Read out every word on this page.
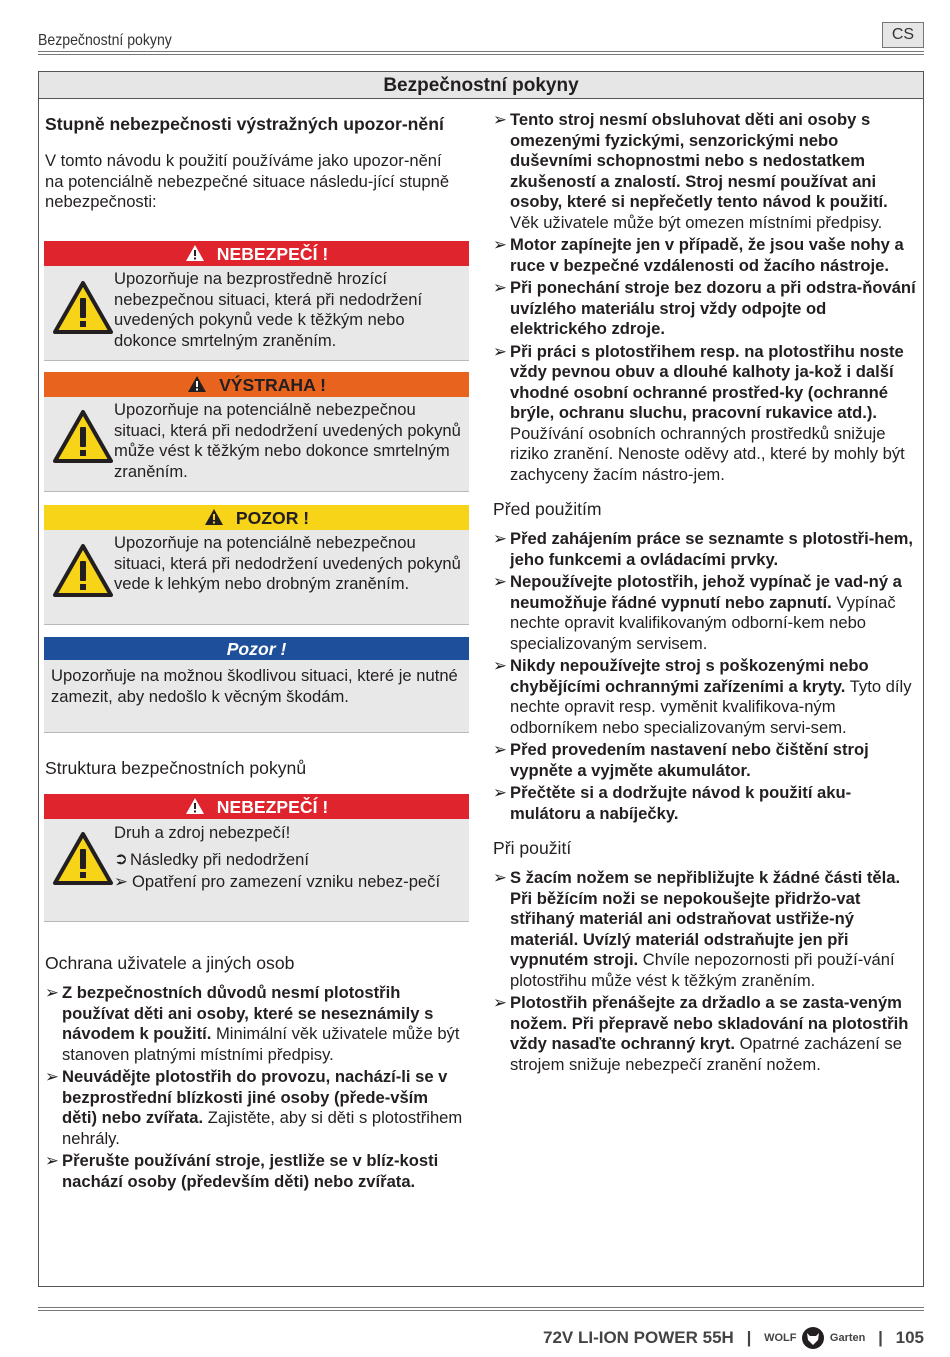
Bezpečnostní pokyny	CS
Bezpečnostní pokyny

Stupně nebezpečnosti výstražných upozor-nění

V tomto návodu k použití používáme jako upozor-nění na potenciálně nebezpečné situace následu-jící stupně nebezpečnosti:

NEBEZPEČÍ !
Upozorňuje na bezprostředně hrozící nebezpečnou situaci, která při nedodržení uvedených pokynů vede k těžkým nebo dokonce smrtelným zraněním.
VÝSTRAHA !
Upozorňuje na potenciálně nebezpečnou situaci, která při nedodržení uvedených pokynů může vést k těžkým nebo dokonce smrtelným zraněním.
POZOR !
Upozorňuje na potenciálně nebezpečnou situaci, která při nedodržení uvedených pokynů vede k lehkým nebo drobným zraněním.
Pozor !
Upozorňuje na možnou škodlivou situaci, které je nutné zamezit, aby nedošlo k věcným škodám.

Struktura bezpečnostních pokynů

NEBEZPEČÍ !

Druh a zdroj nebezpečí!

➲ Následky při nedodržení

➢ Opatření pro zamezení vzniku nebez-pečí

Ochrana uživatele a jiných osob

➢ Z bezpečnostních důvodů nesmí plotostřih používat děti ani osoby, které se neseznámily s návodem k použití. Minimální věk uživatele může být stanoven platnými místními předpisy.
➢ Neuvádějte plotostřih do provozu, nachází-li se v bezprostřední blízkosti jiné osoby (přede-vším děti) nebo zvířata. Zajistěte, aby si děti s plotostřihem nehrály.
➢ Přerušte používání stroje, jestliže se v blíz-kosti nachází osoby (především děti) nebo zvířata.
➢ Tento stroj nesmí obsluhovat děti ani osoby s omezenými fyzickými, senzorickými nebo duševními schopnostmi nebo s nedostatkem zkušeností a znalostí. Stroj nesmí používat ani osoby, které si nepřečetly tento návod k použití. Věk uživatele může být omezen místními předpisy.
➢ Motor zapínejte jen v případě, že jsou vaše nohy a ruce v bezpečné vzdálenosti od žacího nástroje.
➢ Při ponechání stroje bez dozoru a při odstra-ňování uvízlého materiálu stroj vždy odpojte od elektrického zdroje.
➢ Při práci s plotostřihem resp. na plotostřihu noste vždy pevnou obuv a dlouhé kalhoty ja-kož i další vhodné osobní ochranné prostřed-ky (ochranné brýle, ochranu sluchu, pracovní rukavice atd.). Používání osobních ochranných prostředků snižuje riziko zranění. Nenoste oděvy atd., které by mohly být zachyceny žacím nástro-jem.

Před použitím

➢ Před zahájením práce se seznamte s plotostři-hem, jeho funkcemi a ovládacími prvky.
➢ Nepoužívejte plotostřih, jehož vypínač je vad-ný a neumožňuje řádné vypnutí nebo zapnutí. Vypínač nechte opravit kvalifikovaným odborní-kem nebo specializovaným servisem.
➢ Nikdy nepoužívejte stroj s poškozenými nebo chybějícími ochrannými zařízeními a kryty. Tyto díly nechte opravit resp. vyměnit kvalifikova-ným odborníkem nebo specializovaným servi-sem.
➢ Před provedením nastavení nebo čištění stroj vypněte a vyjměte akumulátor.
➢ Přečtěte si a dodržujte návod k použití aku-mulátoru a nabíječky.

Při použití

➢ S žacím nožem se nepřibližujte k žádné části těla. Při běžícím noži se nepokoušejte přidržo-vat střihaný materiál ani odstraňovat ustřiže-ný materiál. Uvízlý materiál odstraňujte jen při vypnutém stroji. Chvíle nepozornosti při použí-vání plotostřihu může vést k těžkým zraněním.
➢ Plotostřih přenášejte za držadlo a se zasta-veným nožem. Při přepravě nebo skladování na plotostřih vždy nasaďte ochranný kryt. Opatrné zacházení se strojem snižuje nebezpečí zranění nožem.
72V LI-ION POWER 55H | WOLF	Garten | 105
